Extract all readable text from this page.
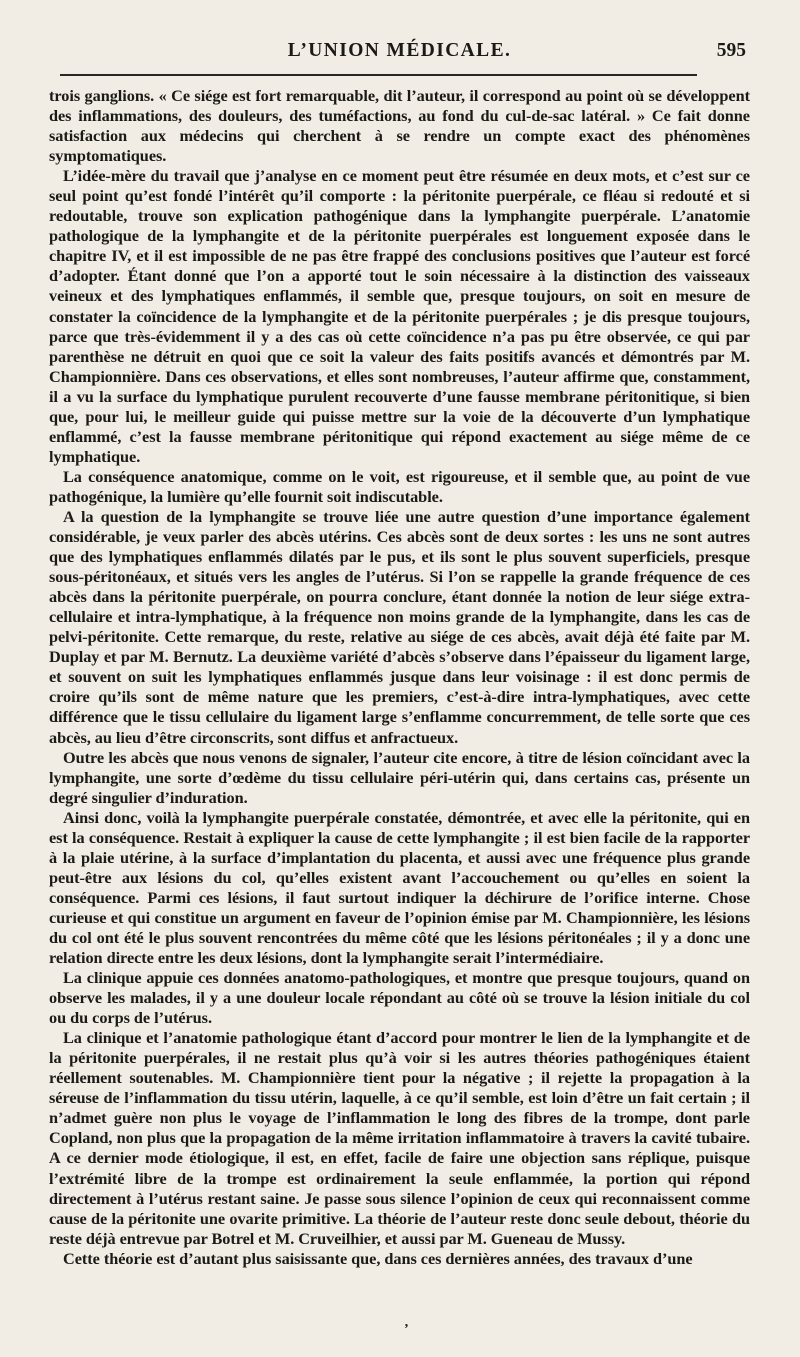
L’UNION MÉDICALE.	595

trois ganglions. « Ce siége est fort remarquable, dit l’auteur, il correspond au point où se développent des inflammations, des douleurs, des tuméfactions, au fond du cul-de-sac latéral. » Ce fait donne satisfaction aux médecins qui cherchent à se rendre un compte exact des phénomènes symptomatiques.

L’idée-mère du travail que j’analyse en ce moment peut être résumée en deux mots, et c’est sur ce seul point qu’est fondé l’intérêt qu’il comporte : la péritonite puerpérale, ce fléau si redouté et si redoutable, trouve son explication pathogénique dans la lymphangite puerpérale. L’anatomie pathologique de la lymphangite et de la péritonite puerpérales est longuement exposée dans le chapitre IV, et il est impossible de ne pas être frappé des conclusions positives que l’auteur est forcé d’adopter. Étant donné que l’on a apporté tout le soin nécessaire à la distinction des vaisseaux veineux et des lymphatiques enflammés, il semble que, presque toujours, on soit en mesure de constater la coïncidence de la lymphangite et de la péritonite puerpérales ; je dis presque toujours, parce que très-évidemment il y a des cas où cette coïncidence n’a pas pu être observée, ce qui par parenthèse ne détruit en quoi que ce soit la valeur des faits positifs avancés et démontrés par M. Championnière. Dans ces observations, et elles sont nombreuses, l’auteur affirme que, constamment, il a vu la surface du lymphatique purulent recouverte d’une fausse membrane péritonitique, si bien que, pour lui, le meilleur guide qui puisse mettre sur la voie de la découverte d’un lymphatique enflammé, c’est la fausse membrane péritonitique qui répond exactement au siége même de ce lymphatique.

La conséquence anatomique, comme on le voit, est rigoureuse, et il semble que, au point de vue pathogénique, la lumière qu’elle fournit soit indiscutable.

A la question de la lymphangite se trouve liée une autre question d’une importance également considérable, je veux parler des abcès utérins. Ces abcès sont de deux sortes : les uns ne sont autres que des lymphatiques enflammés dilatés par le pus, et ils sont le plus souvent superficiels, presque sous-péritonéaux, et situés vers les angles de l’utérus. Si l’on se rappelle la grande fréquence de ces abcès dans la péritonite puerpérale, on pourra conclure, étant donnée la notion de leur siége extra-cellulaire et intra-lymphatique, à la fréquence non moins grande de la lymphangite, dans les cas de pelvi-péritonite. Cette remarque, du reste, relative au siége de ces abcès, avait déjà été faite par M. Duplay et par M. Bernutz. La deuxième variété d’abcès s’observe dans l’épaisseur du ligament large, et souvent on suit les lymphatiques enflammés jusque dans leur voisinage : il est donc permis de croire qu’ils sont de même nature que les premiers, c’est-à-dire intra-lymphatiques, avec cette différence que le tissu cellulaire du ligament large s’enflamme concurremment, de telle sorte que ces abcès, au lieu d’être circonscrits, sont diffus et anfractueux.

Outre les abcès que nous venons de signaler, l’auteur cite encore, à titre de lésion coïncidant avec la lymphangite, une sorte d’œdème du tissu cellulaire péri-utérin qui, dans certains cas, présente un degré singulier d’induration.

Ainsi donc, voilà la lymphangite puerpérale constatée, démontrée, et avec elle la péritonite, qui en est la conséquence. Restait à expliquer la cause de cette lymphangite ; il est bien facile de la rapporter à la plaie utérine, à la surface d’implantation du placenta, et aussi avec une fréquence plus grande peut-être aux lésions du col, qu’elles existent avant l’accouchement ou qu’elles en soient la conséquence. Parmi ces lésions, il faut surtout indiquer la déchirure de l’orifice interne. Chose curieuse et qui constitue un argument en faveur de l’opinion émise par M. Championnière, les lésions du col ont été le plus souvent rencontrées du même côté que les lésions péritonéales ; il y a donc une relation directe entre les deux lésions, dont la lymphangite serait l’intermédiaire.

La clinique appuie ces données anatomo-pathologiques, et montre que presque toujours, quand on observe les malades, il y a une douleur locale répondant au côté où se trouve la lésion initiale du col ou du corps de l’utérus.

La clinique et l’anatomie pathologique étant d’accord pour montrer le lien de la lymphangite et de la péritonite puerpérales, il ne restait plus qu’à voir si les autres théories pathogéniques étaient réellement soutenables. M. Championnière tient pour la négative ; il rejette la propagation à la séreuse de l’inflammation du tissu utérin, laquelle, à ce qu’il semble, est loin d’être un fait certain ; il n’admet guère non plus le voyage de l’inflammation le long des fibres de la trompe, dont parle Copland, non plus que la propagation de la même irritation inflammatoire à travers la cavité tubaire. A ce dernier mode étiologique, il est, en effet, facile de faire une objection sans réplique, puisque l’extrémité libre de la trompe est ordinairement la seule enflammée, la portion qui répond directement à l’utérus restant saine. Je passe sous silence l’opinion de ceux qui reconnaissent comme cause de la péritonite une ovarite primitive. La théorie de l’auteur reste donc seule debout, théorie du reste déjà entrevue par Botrel et M. Cruveilhier, et aussi par M. Gueneau de Mussy.

Cette théorie est d’autant plus saisissante que, dans ces dernières années, des travaux d’une

’
